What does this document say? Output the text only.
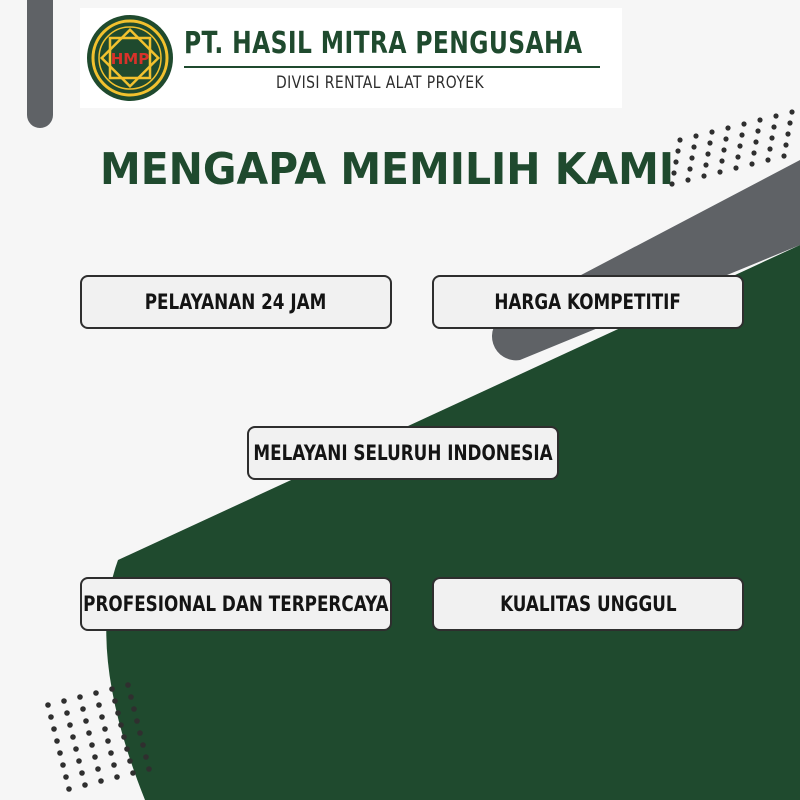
HMP PT. HASIL MITRA PENGUSAHA
DIVISI RENTAL ALAT PROYEK
MENGAPA MEMILIH KAMI
PELAYANAN 24 JAM	HARGA KOMPETITIF
MELAYANI SELURUH INDONESIA
PROFESIONAL DAN TERPERCAYA	KUALITAS UNGGUL
